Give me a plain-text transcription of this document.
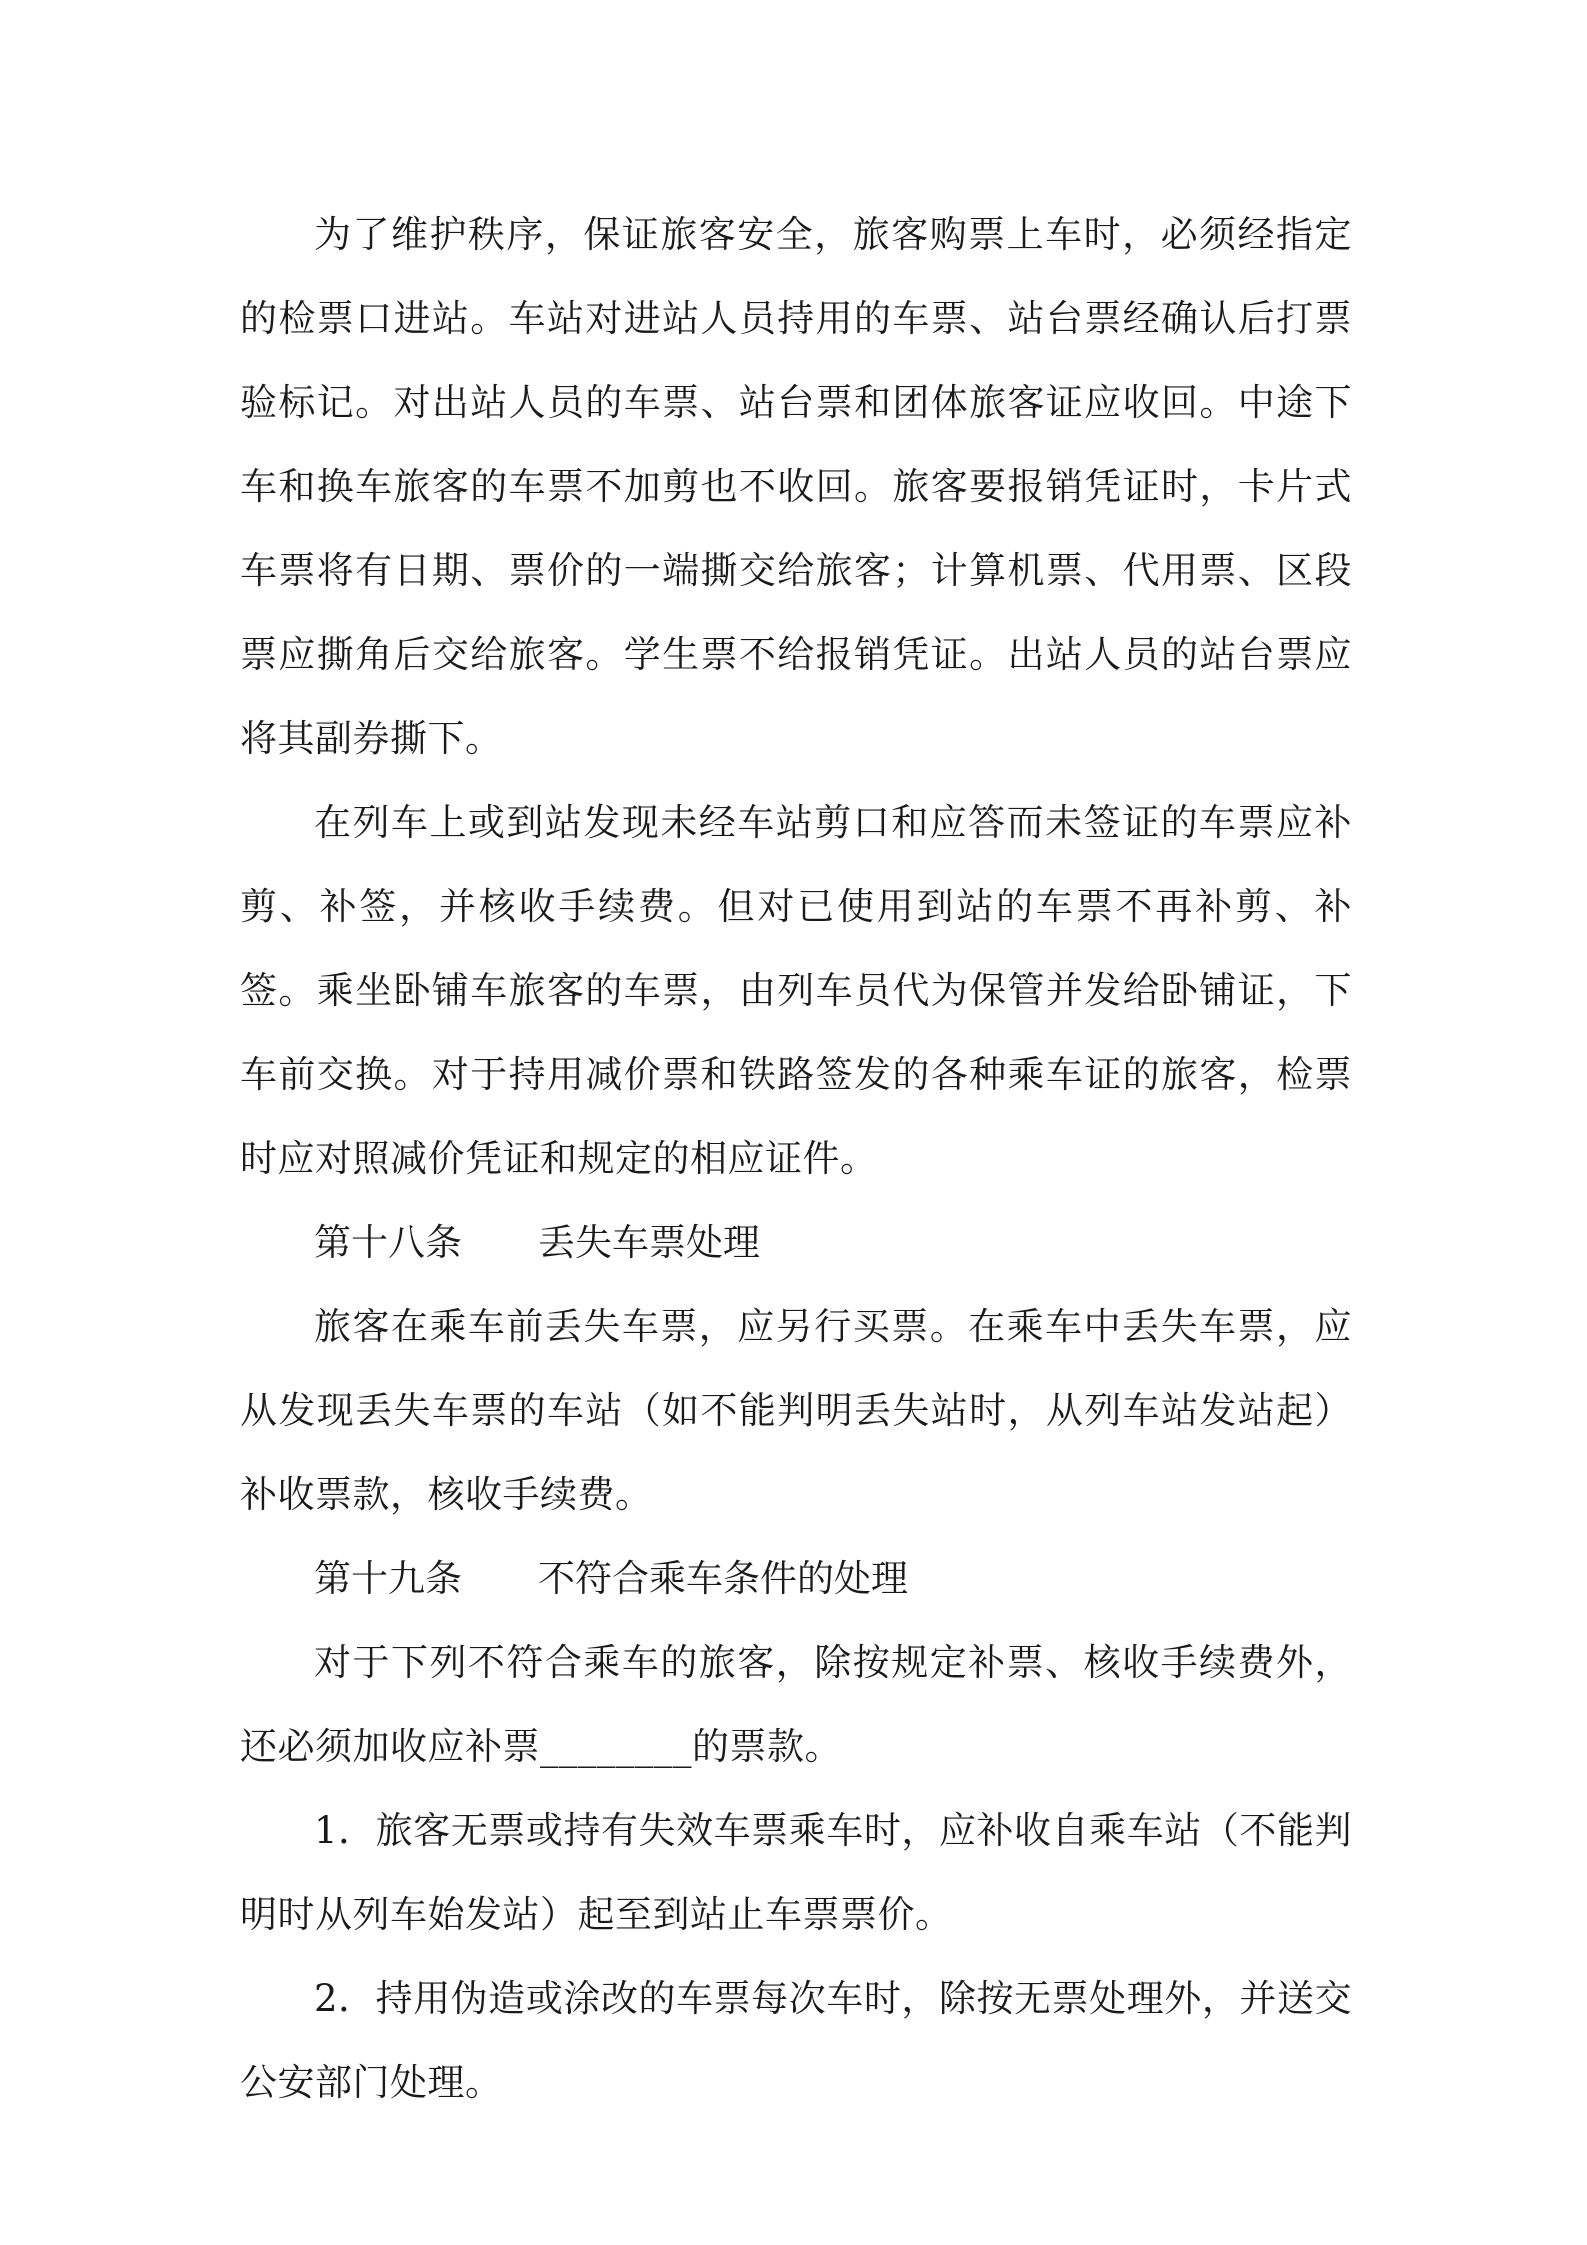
为了维护秩序，保证旅客安全，旅客购票上车时，必须经指定的检票口进站。车站对进站人员持用的车票、站台票经确认后打票验标记。对出站人员的车票、站台票和团体旅客证应收回。中途下车和换车旅客的车票不加剪也不收回。旅客要报销凭证时，卡片式车票将有日期、票价的一端撕交给旅客；计算机票、代用票、区段票应撕角后交给旅客。学生票不给报销凭证。出站人员的站台票应将其副券撕下。

在列车上或到站发现未经车站剪口和应答而未签证的车票应补剪、补签，并核收手续费。但对已使用到站的车票不再补剪、补签。乘坐卧铺车旅客的车票，由列车员代为保管并发给卧铺证，下车前交换。对于持用减价票和铁路签发的各种乘车证的旅客，检票时应对照减价凭证和规定的相应证件。

第十八条 丢失车票处理

旅客在乘车前丢失车票，应另行买票。在乘车中丢失车票，应从发现丢失车票的车站（如不能判明丢失站时，从列车站发站起）补收票款，核收手续费。

第十九条 不符合乘车条件的处理

对于下列不符合乘车的旅客，除按规定补票、核收手续费外，还必须加收应补票________的票款。

1．旅客无票或持有失效车票乘车时，应补收自乘车站（不能判明时从列车始发站）起至到站止车票票价。

2．持用伪造或涂改的车票每次车时，除按无票处理外，并送交公安部门处理。
